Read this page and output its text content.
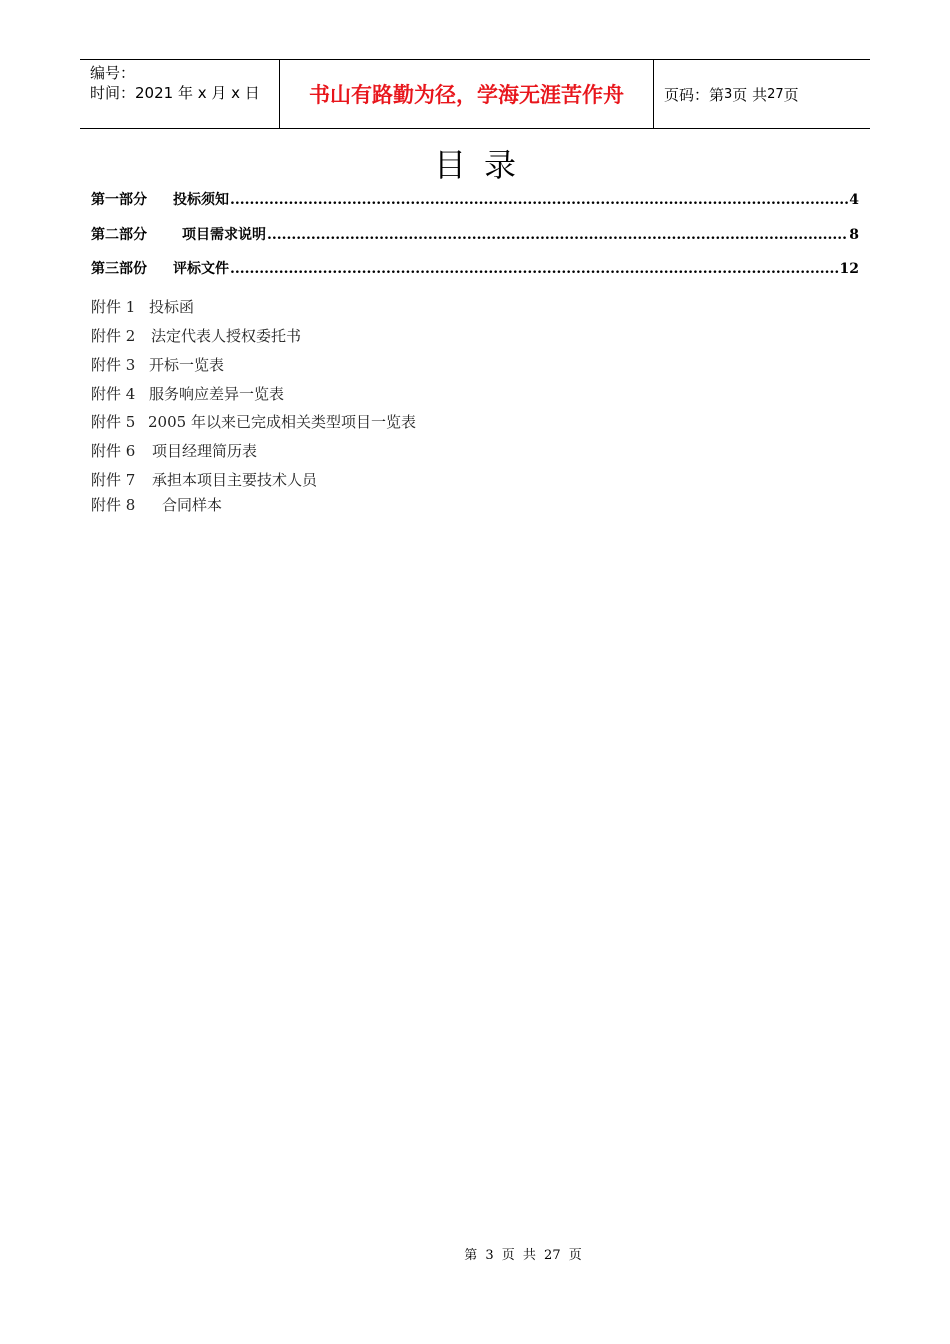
编号：
时间：2021 年 x 月 x 日	书山有路勤为径，学海无涯苦作舟	页码：第 3 页 共 27 页
目录
第一部分 投标须知 .....	4
第二部分	项目需求说明 .....	8
第三部份 评标文件 .....	12
附件 1 投标函
附件 2 法定代表人授权委托书
附件 3 开标一览表
附件 4 服务响应差异一览表
附件 5 2005 年以来已完成相关类型项目一览表
附件 6 项目经理简历表
附件 7 承担本项目主要技术人员
附件 8 合同样本
第 3 页 共 27 页
